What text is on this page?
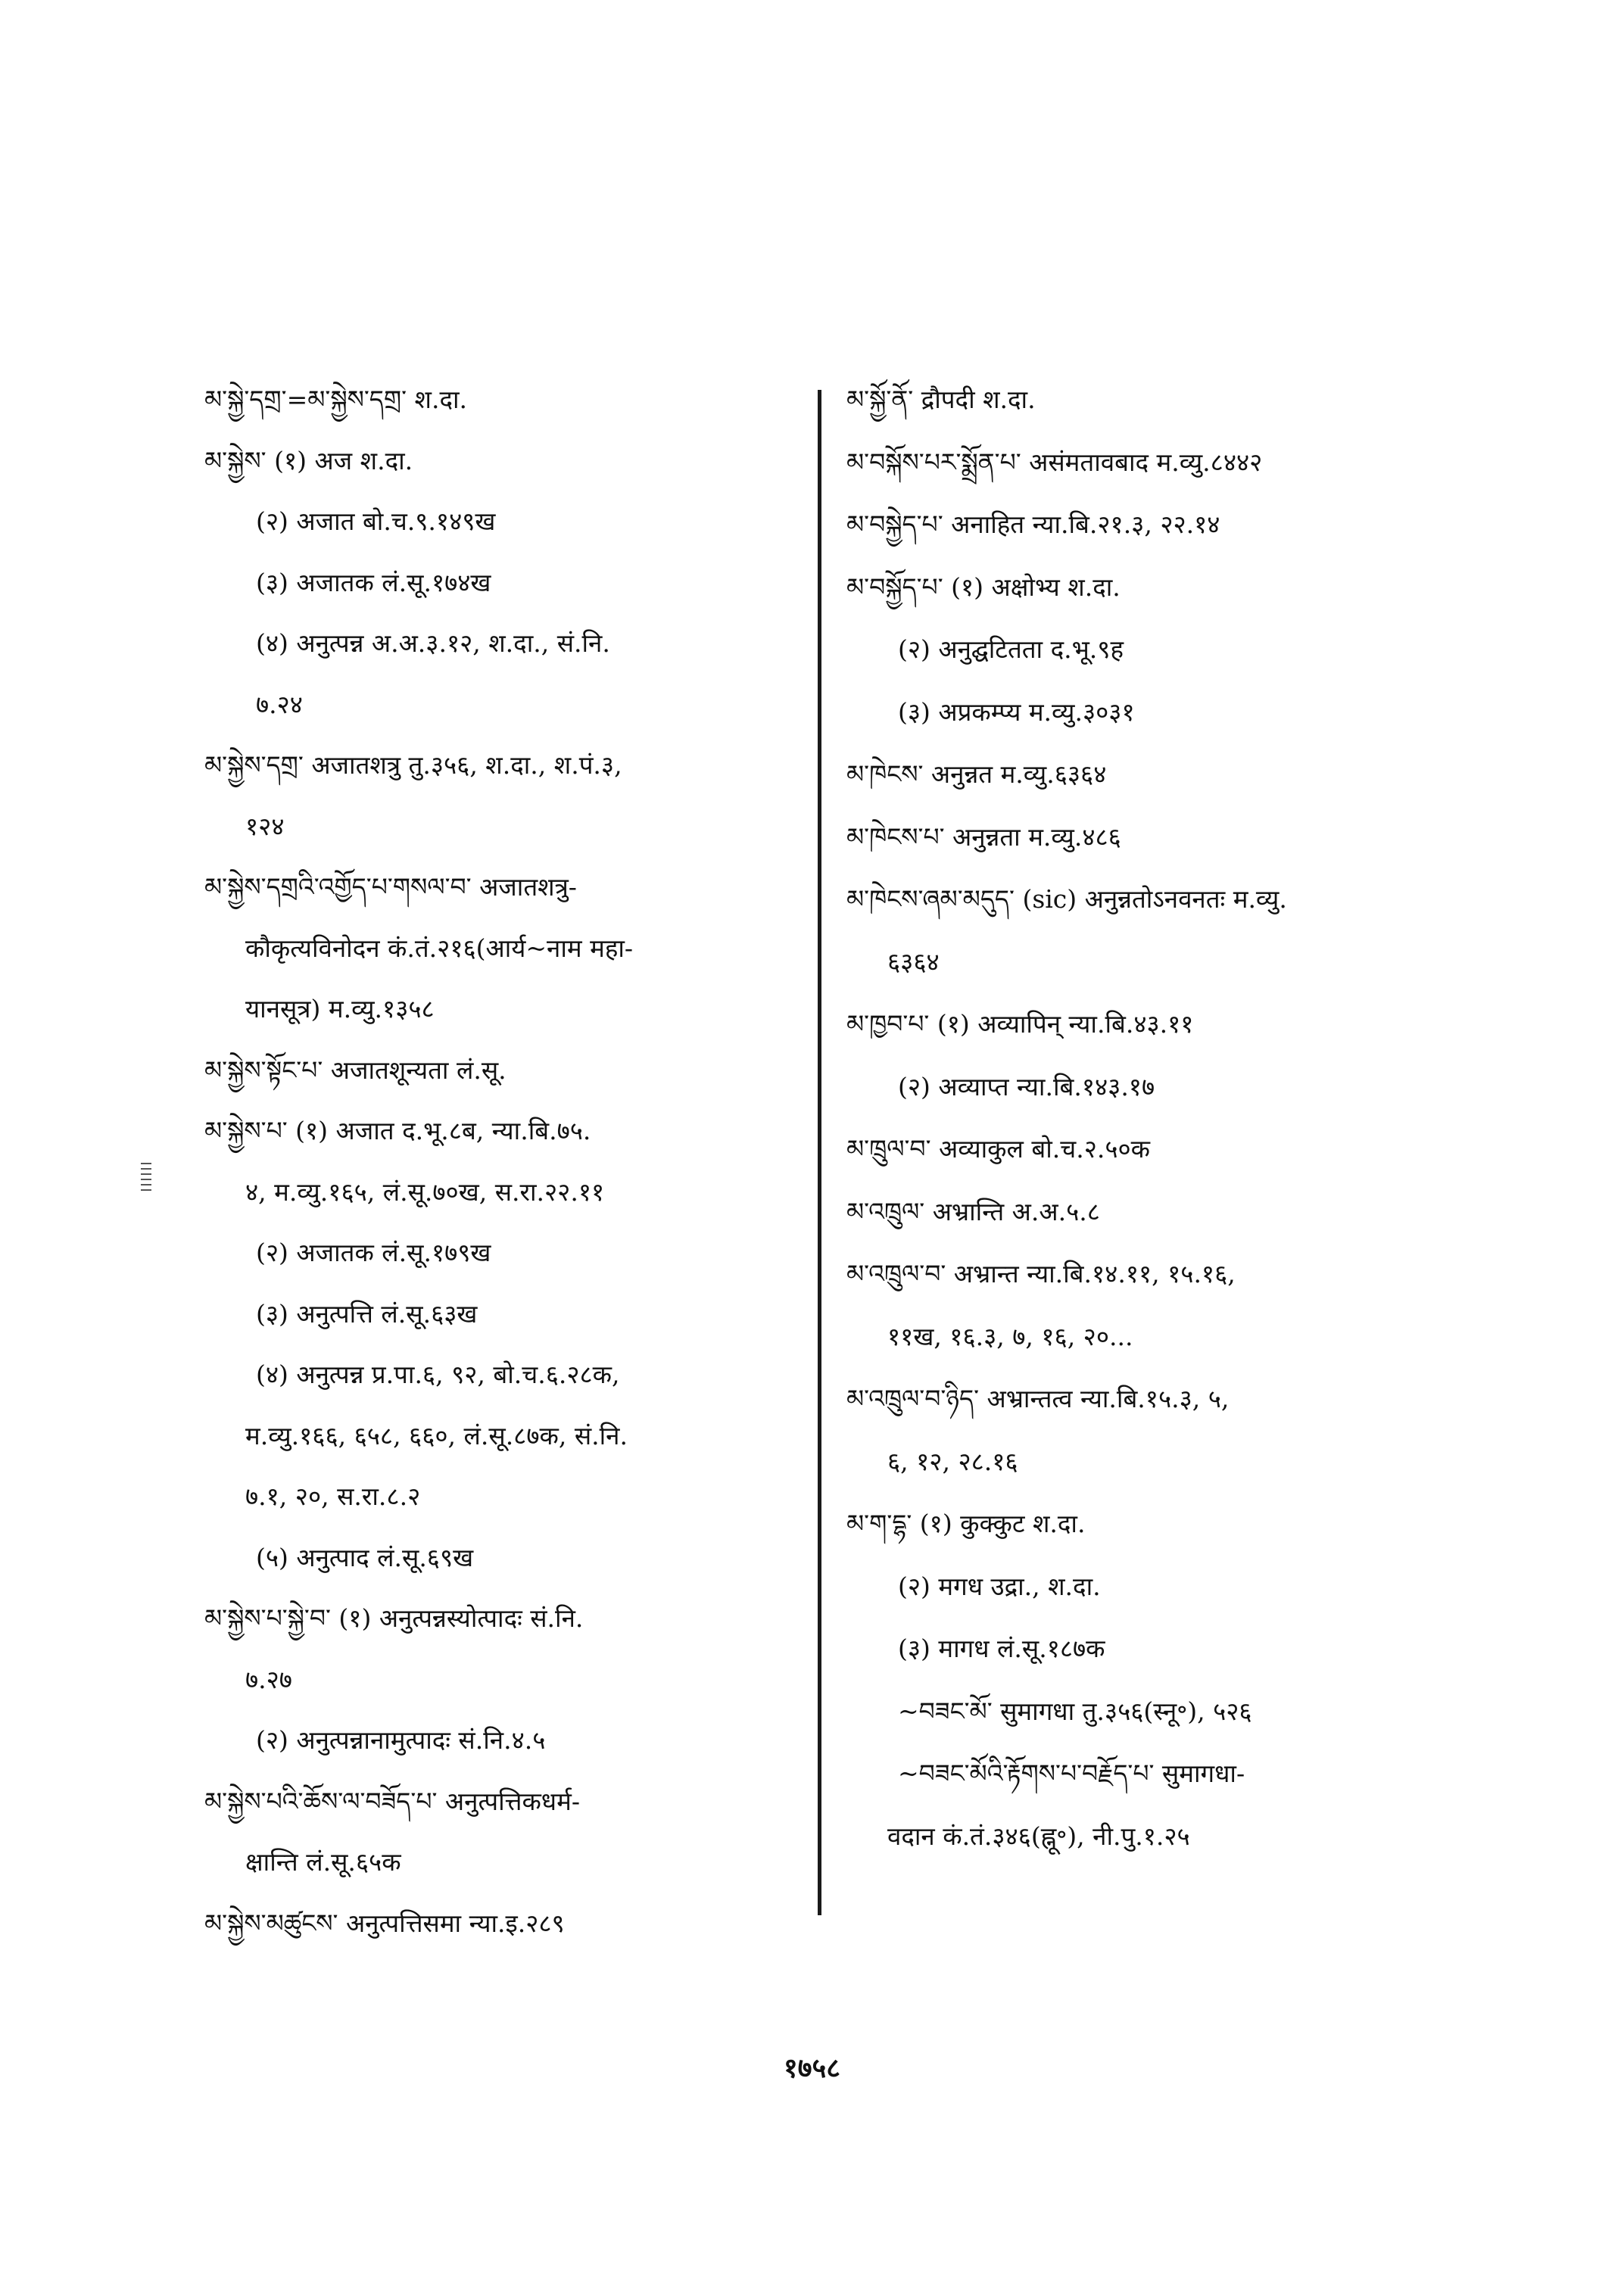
མ་སྐྱེ་དགྲ་=མ་སྐྱེས་དགྲ་ श.दा.
མ་སྐྱེས་ (१) अज श.दा.
(२) अजात बो.च.९.१४९ख
(३) अजातक लं.सू.१७४ख
(४) अनुत्पन्न अ.अ.३.१२, श.दा., सं.नि.
७.२४
མ་སྐྱེས་དགྲ་ अजातशत्रु तु.३५६, श.दा., श.पं.३,
१२४
མ་སྐྱེས་དགྲའི་འགྱོད་པ་གསལ་བ་ अजातशत्रु-
कौकृत्यविनोदन कं.तं.२१६(आर्य~नाम महा-
यानसूत्र) म.व्यु.१३५८
མ་སྐྱེས་སྟོང་པ་ अजातशून्यता लं.सू.
མ་སྐྱེས་པ་ (१) अजात द.भू.८ब, न्या.बि.७५.
४, म.व्यु.१६५, लं.सू.७०ख, स.रा.२२.११
(२) अजातक लं.सू.१७९ख
(३) अनुत्पत्ति लं.सू.६३ख
(४) अनुत्पन्न प्र.पा.६, ९२, बो.च.६.२८क,
म.व्यु.१६६, ६५८, ६६०, लं.सू.८७क, सं.नि.
७.१, २०, स.रा.८.२
(५) अनुत्पाद लं.सू.६९ख
མ་སྐྱེས་པ་སྐྱེ་བ་ (१) अनुत्पन्नस्योत्पादः सं.नि.
७.२७
(२) अनुत्पन्नानामुत्पादः सं.नि.४.५
མ་སྐྱེས་པའི་ཆོས་ལ་བཟོད་པ་ अनुत्पत्तिकधर्म-
क्षान्ति लं.सू.६५क
མ་སྐྱེས་མཚུངས་ अनुत्पत्तिसमा न्या.इ.२८९
མ་སྐྱོ་ནོ་ द्रौपदी श.दा.
མ་བསྐོས་པར་སྨྲོན་པ་ असंमतावबाद म.व्यु.८४४२
མ་བསྐྱེད་པ་ अनाहित न्या.बि.२१.३, २२.१४
མ་བསྐྱོད་པ་ (१) अक्षोभ्य श.दा.
(२) अनुद्घटितता द.भू.९ह
(३) अप्रकम्प्य म.व्यु.३०३१
མ་ཁེངས་ अनुन्नत म.व्यु.६३६४
མ་ཁེངས་པ་ अनुन्नता म.व्यु.४८६
མ་ཁེངས་ཞམ་མདུད་ (sic) अनुन्नतोऽनवनतः म.व्यु.
६३६४
མ་ཁྱབ་པ་ (१) अव्यापिन् न्या.बि.४३.११
(२) अव्याप्त न्या.बि.१४३.१७
མ་ཁྲུལ་བ་ अव्याकुल बो.च.२.५०क
མ་འཁྲུལ་ अभ्रान्ति अ.अ.५.८
མ་འཁྲུལ་བ་ अभ्रान्त न्या.बि.१४.११, १५.१६,
११ख, १६.३, ७, १६, २०...
མ་འཁྲུལ་བ་ཉིད་ अभ्रान्तत्व न्या.बि.१५.३, ५,
६, १२, २८.१६
མ་ག་དྷ་ (१) कुक्कुट श.दा.
(२) मगध उद्रा., श.दा.
(३) मागध लं.सू.१८७क
~བཟང་མོ་ सुमागधा तु.३५६(स्नू॰), ५२६
~བཟང་མོའི་རྟོགས་པ་བརྗོད་པ་ सुमागधा-
वदान कं.तं.३४६(ह्नू॰), नी.पु.१.२५
१७५८
